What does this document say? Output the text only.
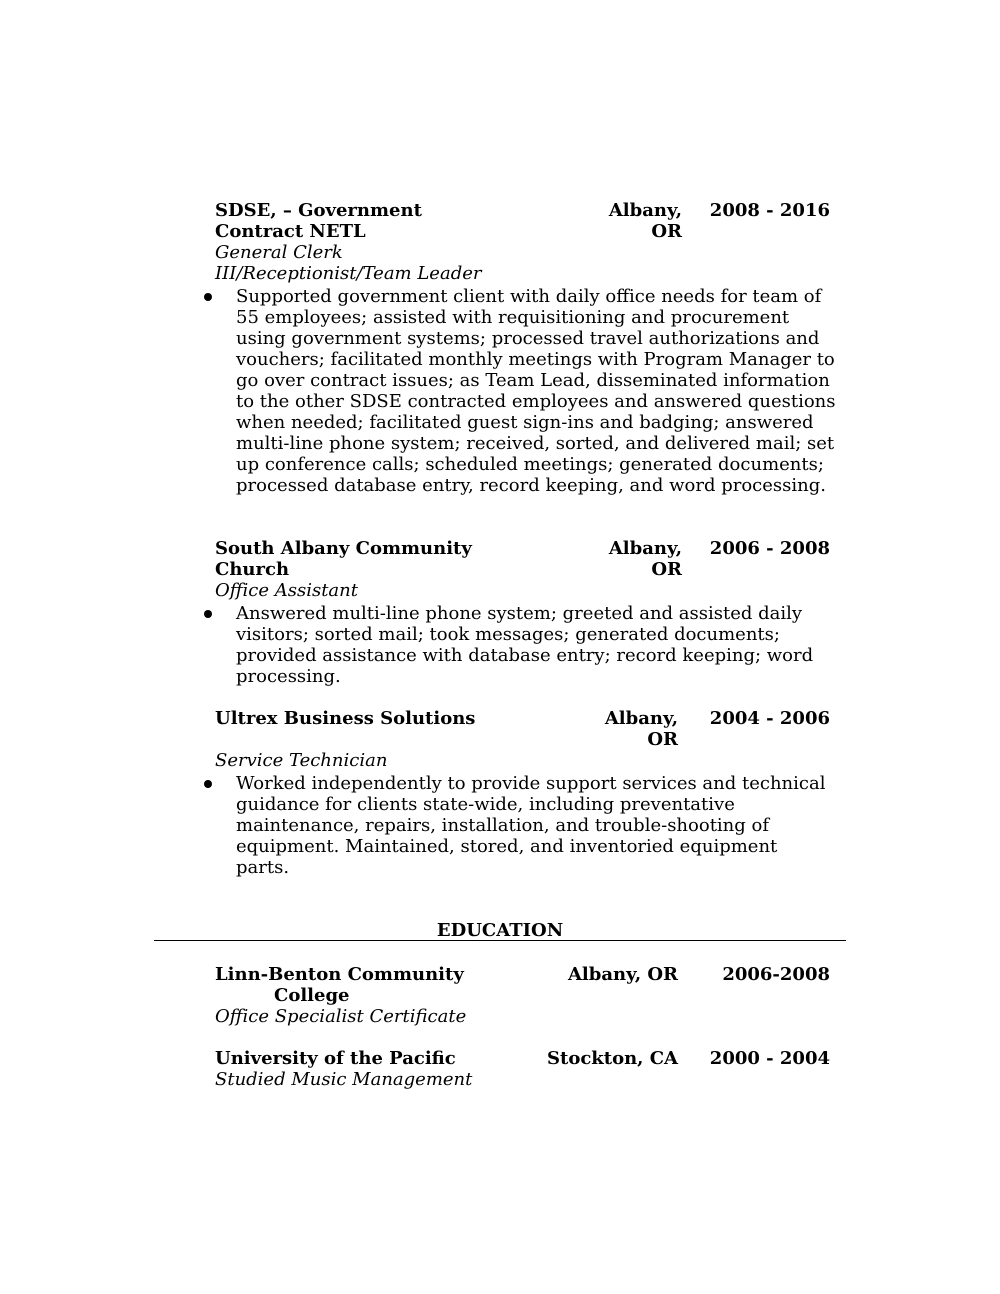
SDSE, – Government
Contract NETL
Albany,
OR
2008 - 2016
General Clerk
III/Receptionist/Team Leader
Supported government client with daily office needs for team of 55 employees; assisted with requisitioning and procurement using government systems; processed travel authorizations and vouchers; facilitated monthly meetings with Program Manager to go over contract issues; as Team Lead, disseminated information to the other SDSE contracted employees and answered questions when needed; facilitated guest sign-ins and badging; answered multi-line phone system; received, sorted, and delivered mail; set up conference calls; scheduled meetings; generated documents; processed database entry, record keeping, and word processing.
South Albany Community
Church
Albany,
OR
2006 - 2008
Office Assistant
Answered multi-line phone system; greeted and assisted daily visitors; sorted mail; took messages; generated documents; provided assistance with database entry; record keeping; word processing.
Ultrex Business Solutions	Albany,
OR
2004 - 2006
Service Technician
Worked independently to provide support services and technical guidance for clients state-wide, including preventative maintenance, repairs, installation, and trouble-shooting of equipment. Maintained, stored, and inventoried equipment parts.
EDUCATION
Linn-Benton Community
College
Albany, OR 2006-2008
Office Specialist Certificate
University of the Pacific	Stockton, CA 2000 - 2004
Studied Music Management
